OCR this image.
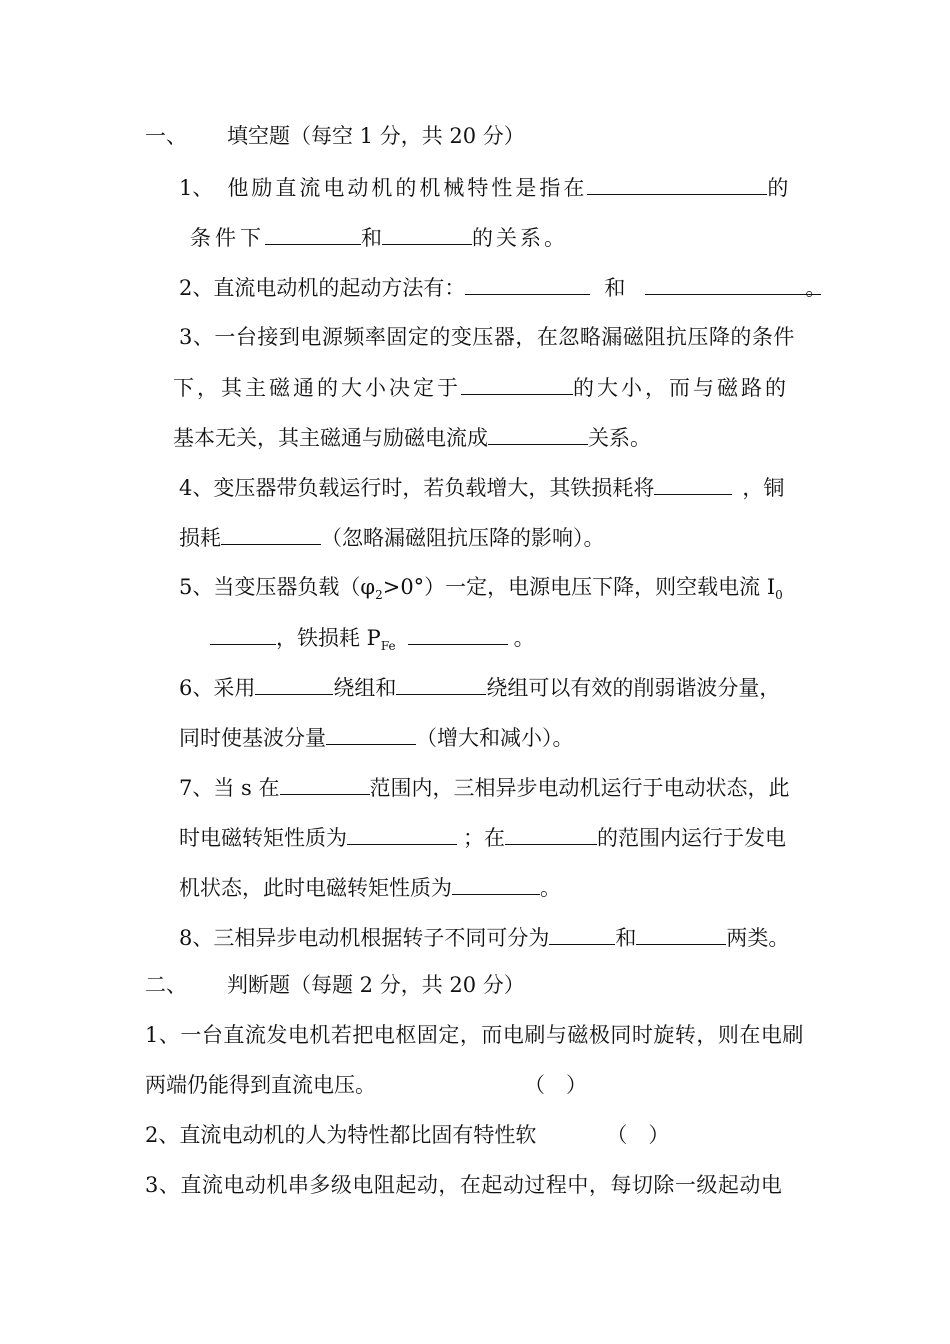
一、 填空题（每空 1 分，共 20 分）
1、 他励直流电动机的机械特性是指在	的
条件下	和	的关系。
2、直流电动机的起动方法有：	和	。
3、一台接到电源频率固定的变压器，在忽略漏磁阻抗压降的条件
下，其主磁通的大小决定于	的大小，而与磁路的
基本无关，其主磁通与励磁电流成	关系。
4、变压器带负载运行时，若负载增大，其铁损耗将	，铜
损耗	（忽略漏磁阻抗压降的影响）。
5、当变压器负载$(\varphi_2>0^\circ)$一定，电源电压下降，则空载电流 $I_0$
，铁损耗 $P_{Fe}$	。
6、采用	绕组和	绕组可以有效的削弱谐波分量，
同时使基波分量	（增大和减小）。
7、当 s 在	范围内，三相异步电动机运行于电动状态，此
时电磁转矩性质为	；在	的范围内运行于发电
机状态，此时电磁转矩性质为	。
8、三相异步电动机根据转子不同可分为	和	两类。
二、 判断题（每题 2 分，共 20 分）
1、一台直流发电机若把电枢固定，而电刷与磁极同时旋转，则在电刷
两端仍能得到直流电压。	（　）
2、直流电动机的人为特性都比固有特性软	（　）
3、直流电动机串多级电阻起动，在起动过程中，每切除一级起动电
